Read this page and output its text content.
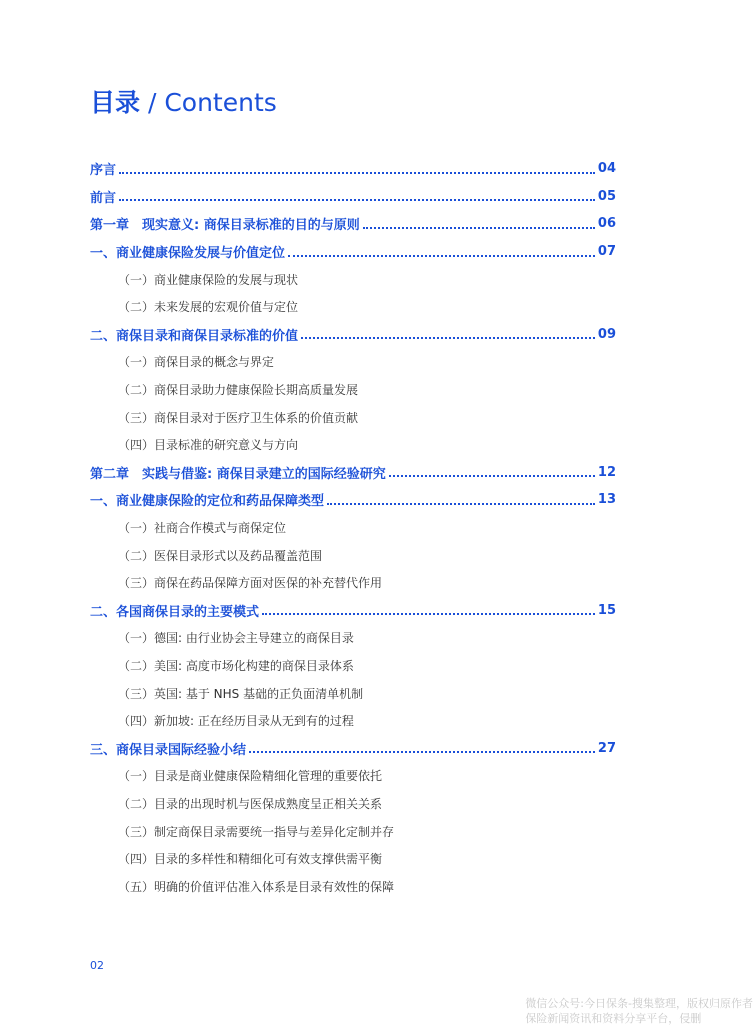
目录 / Contents
序言	04
前言	05
第一章　现实意义: 商保目录标准的目的与原则	06
一、商业健康保险发展与价值定位	07
（一）商业健康保险的发展与现状
（二）未来发展的宏观价值与定位
二、商保目录和商保目录标准的价值	09
（一）商保目录的概念与界定
（二）商保目录助力健康保险长期高质量发展
（三）商保目录对于医疗卫生体系的价值贡献
（四）目录标准的研究意义与方向
第二章　实践与借鉴: 商保目录建立的国际经验研究	12
一、商业健康保险的定位和药品保障类型	13
（一）社商合作模式与商保定位
（二）医保目录形式以及药品覆盖范围
（三）商保在药品保障方面对医保的补充替代作用
二、各国商保目录的主要模式	15
（一）德国: 由行业协会主导建立的商保目录
（二）美国: 高度市场化构建的商保目录体系
（三）英国: 基于 NHS 基础的正负面清单机制
（四）新加坡: 正在经历目录从无到有的过程
三、商保目录国际经验小结	27
（一）目录是商业健康保险精细化管理的重要依托
（二）目录的出现时机与医保成熟度呈正相关关系
（三）制定商保目录需要统一指导与差异化定制并存
（四）目录的多样性和精细化可有效支撑供需平衡
（五）明确的价值评估准入体系是目录有效性的保障
02
微信公众号:今日保条-搜集整理，版权归原作者
保险新闻资讯和资料分享平台，侵删
